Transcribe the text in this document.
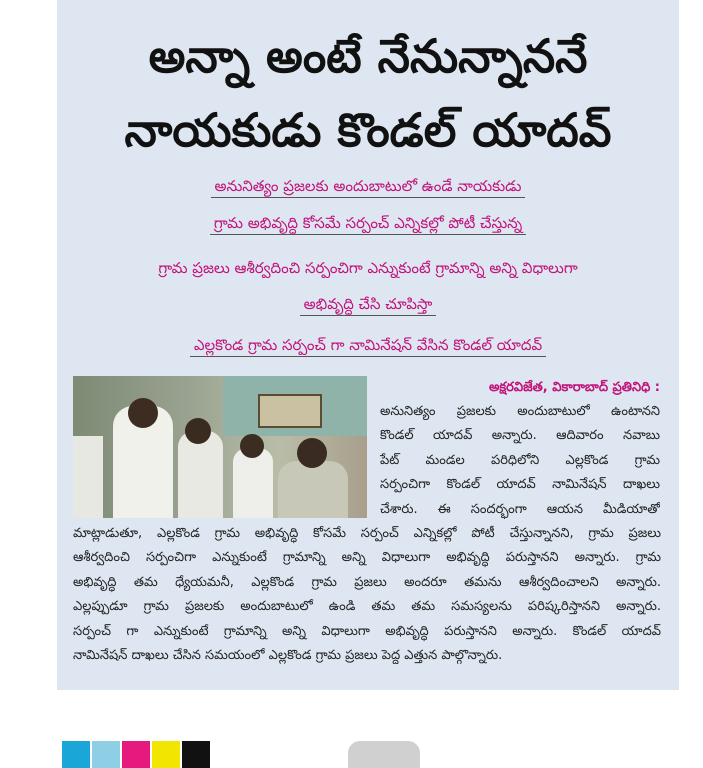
అన్నా అంటే నేనున్నాననే
నాయకుడు కొండల్ యాదవ్
అనునిత్యం ప్రజలకు అందుబాటులో ఉండే నాయకుడు
గ్రామ అభివృద్ధి కోసమే సర్పంచ్ ఎన్నికల్లో పోటీ చేస్తున్న
గ్రామ ప్రజలు ఆశీర్వదించి సర్పంచిగా ఎన్నుకుంటే గ్రామాన్ని అన్ని విధాలుగా
అభివృద్ధి చేసి చూపిస్తా
ఎల్లకొండ గ్రామ సర్పంచ్ గా నామినేషన్ వేసిన కొండల్ యాదవ్
అక్షరవిజేత, వికారాబాద్ ప్రతినిధి :
అనునిత్యం ప్రజలకు అందుబాటులో ఉంటానని
కొండల్ యాదవ్ అన్నారు. ఆదివారం నవాబు
పేట్ మండల పరిధిలోని ఎల్లకొండ గ్రామ
సర్పంచిగా కొండల్ యాదవ్ నామినేషన్ దాఖలు
చేశారు. ఈ సందర్భంగా ఆయన మీడియాతో
మాట్లాడుతూ, ఎల్లకొండ గ్రామ అభివృద్ధి కోసమే సర్పంచ్ ఎన్నికల్లో పోటీ చేస్తున్నానని, గ్రామ ప్రజలు
ఆశీర్వదించి సర్పంచిగా ఎన్నుకుంటే గ్రామాన్ని అన్ని విధాలుగా అభివృద్ధి పరుస్తానని అన్నారు. గ్రామ
అభివృద్ధి తమ ధ్యేయమనీ, ఎల్లకొండ గ్రామ ప్రజలు అందరూ తమను ఆశీర్వదించాలని అన్నారు.
ఎల్లప్పుడూ గ్రామ ప్రజలకు అందుబాటులో ఉండి తమ తమ సమస్యలను పరిష్కరిస్తానని అన్నారు.
సర్పంచ్ గా ఎన్నుకుంటే గ్రామాన్ని అన్ని విధాలుగా అభివృద్ధి పరుస్తానని అన్నారు. కొండల్ యాదవ్
నామినేషన్ దాఖలు చేసిన సమయంలో ఎల్లకొండ గ్రామ ప్రజలు పెద్ద ఎత్తున పాల్గొన్నారు.
